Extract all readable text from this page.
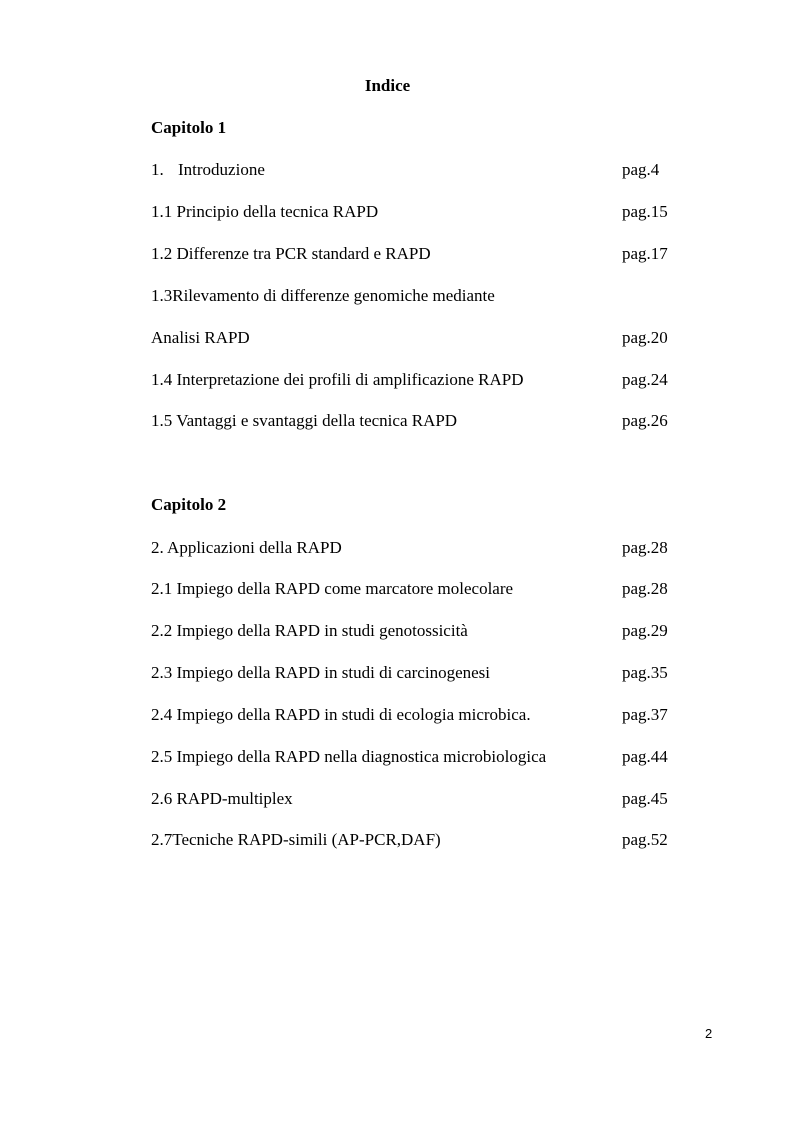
Indice
Capitolo 1
1. Introduzione	pag.4
1.1 Principio della tecnica RAPD	pag.15
1.2 Differenze tra PCR standard e RAPD	pag.17
1.3Rilevamento di differenze genomiche mediante
Analisi RAPD	pag.20
1.4 Interpretazione dei profili di amplificazione RAPD	pag.24
1.5 Vantaggi e svantaggi della tecnica RAPD	pag.26
Capitolo 2
2. Applicazioni della RAPD	pag.28
2.1 Impiego della RAPD come marcatore molecolare	pag.28
2.2 Impiego della RAPD in studi genotossicità	pag.29
2.3 Impiego della RAPD in studi di carcinogenesi	pag.35
2.4 Impiego della RAPD in studi di ecologia microbica.	pag.37
2.5 Impiego della RAPD nella diagnostica microbiologica	pag.44
2.6 RAPD-multiplex	pag.45
2.7Tecniche RAPD-simili (AP-PCR,DAF)	pag.52
2
